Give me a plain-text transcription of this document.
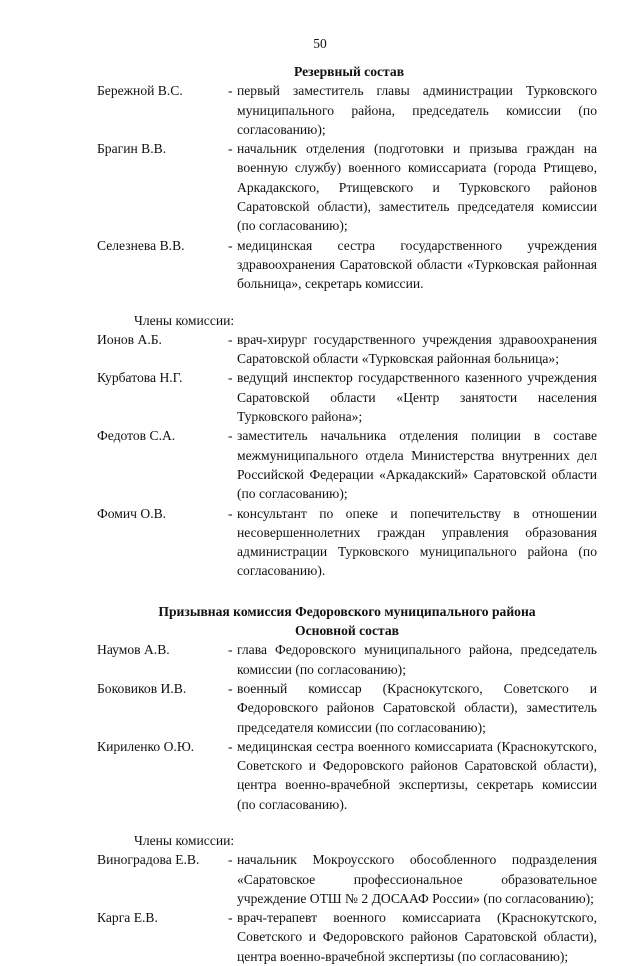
50
Резервный состав
Бережной В.С.	- первый заместитель главы администрации Турковского муниципального района, председатель комиссии (по согласованию);
Брагин В.В.	- начальник отделения (подготовки и призыва граждан на военную службу) военного комиссариата (города Ртищево, Аркадакского, Ртищевского и Турковского районов Саратовской области), заместитель председателя комиссии (по согласованию);
Селезнева В.В.	- медицинская сестра государственного учреждения здравоохранения Саратовской области «Турковская районная больница», секретарь комиссии.
Члены комиссии:
Ионов А.Б.	- врач-хирург государственного учреждения здравоохранения Саратовской области «Турковская районная больница»;
Курбатова Н.Г.	- ведущий инспектор государственного казенного учреждения Саратовской области «Центр занятости населения Турковского района»;
Федотов С.А.	- заместитель начальника отделения полиции в составе межмуниципального отдела Министерства внутренних дел Российской Федерации «Аркадакский» Саратовской области (по согласованию);
Фомич О.В.	- консультант по опеке и попечительству в отношении несовершеннолетних граждан управления образования администрации Турковского муниципального района (по согласованию).
Призывная комиссия Федоровского муниципального района
Основной состав
Наумов А.В.	- глава Федоровского муниципального района, председатель комиссии (по согласованию);
Боковиков И.В.	- военный комиссар (Краснокутского, Советского и Федоровского районов Саратовской области), заместитель председателя комиссии (по согласованию);
Кириленко О.Ю.	- медицинская сестра военного комиссариата (Краснокутского, Советского и Федоровского районов Саратовской области), центра военно-врачебной экспертизы, секретарь комиссии (по согласованию).
Члены комиссии:
Виноградова Е.В.	- начальник Мокроусского обособленного подразделения «Саратовское профессиональное образовательное учреждение ОТШ № 2 ДОСААФ России» (по согласованию);
Карга Е.В.	- врач-терапевт военного комиссариата (Краснокутского, Советского и Федоровского районов Саратовской области), центра военно-врачебной экспертизы (по согласованию);
